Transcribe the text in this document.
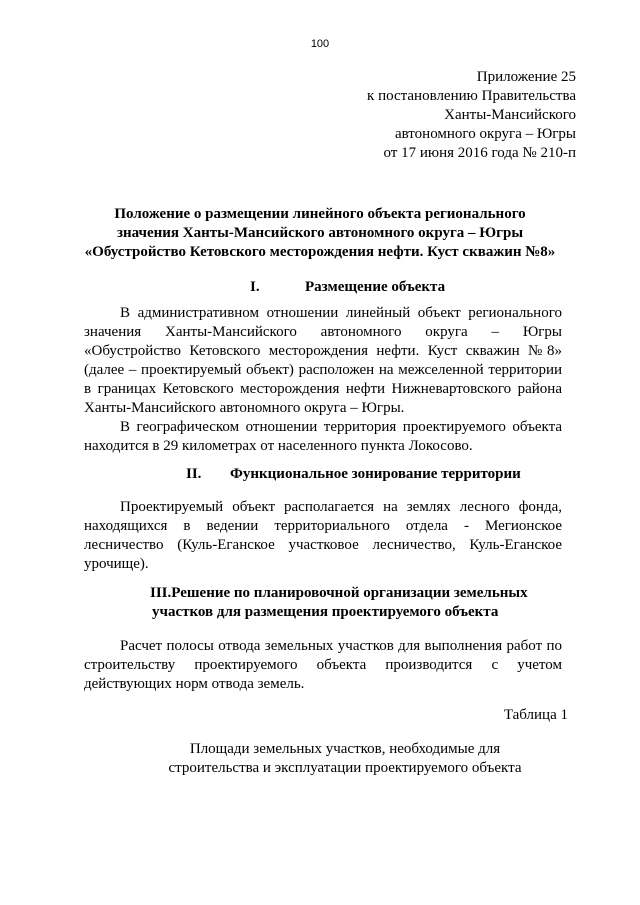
100
Приложение 25
к постановлению Правительства
Ханты-Мансийского
автономного округа – Югры
от 17 июня 2016 года № 210-п
Положение о размещении линейного объекта регионального
значения Ханты-Мансийского автономного округа – Югры
«Обустройство Кетовского месторождения нефти. Куст скважин №8»
I.	Размещение объекта

В административном отношении линейный объект регионального значения Ханты-Мансийского автономного округа – Югры «Обустройство Кетовского месторождения нефти. Куст скважин №8» (далее – проектируемый объект) расположен на межселенной территории в границах Кетовского месторождения нефти Нижневартовского района Ханты-Мансийского автономного округа – Югры.

В географическом отношении территория проектируемого объекта находится в 29 километрах от населенного пункта Локосово.

II. Функциональное зонирование территории

Проектируемый объект располагается на землях лесного фонда, находящихся в ведении территориального отдела - Мегионское лесничество (Куль-Еганское участковое лесничество, Куль-Еганское урочище).

III.Решение по планировочной организации земельных
участков для размещения проектируемого объекта

Расчет полосы отвода земельных участков для выполнения работ по строительству проектируемого объекта производится с учетом действующих норм отвода земель.

Таблица 1
Площади земельных участков, необходимые для
строительства и эксплуатации проектируемого объекта
